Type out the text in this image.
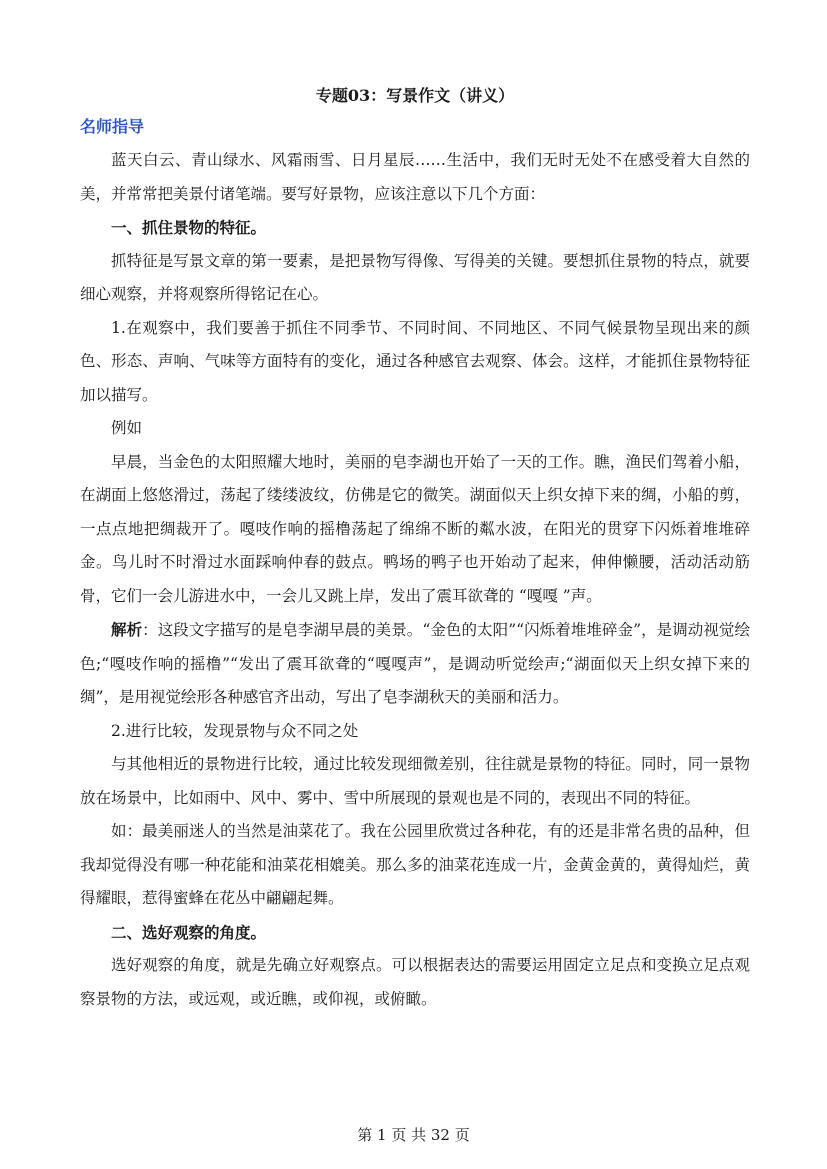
专题03：写景作文（讲义）
名师指导

蓝天白云、青山绿水、风霜雨雪、日月星辰……生活中，我们无时无处不在感受着大自然的美，并常常把美景付诸笔端。要写好景物，应该注意以下几个方面：

一、抓住景物的特征。

抓特征是写景文章的第一要素，是把景物写得像、写得美的关键。要想抓住景物的特点，就要细心观察，并将观察所得铭记在心。

1.在观察中，我们要善于抓住不同季节、不同时间、不同地区、不同气候景物呈现出来的颜色、形态、声响、气味等方面特有的变化，通过各种感官去观察、体会。这样，才能抓住景物特征加以描写。

例如

早晨，当金色的太阳照耀大地时，美丽的皂李湖也开始了一天的工作。瞧，渔民们驾着小船，在湖面上悠悠滑过，荡起了缕缕波纹，仿佛是它的微笑。湖面似天上织女掉下来的绸，小船的剪，一点点地把绸裁开了。嘎吱作响的摇橹荡起了绵绵不断的粼水波，在阳光的贯穿下闪烁着堆堆碎金。鸟儿时不时滑过水面踩响仲春的鼓点。鸭场的鸭子也开始动了起来，伸伸懒腰，活动活动筋骨，它们一会儿游进水中，一会儿又跳上岸，发出了震耳欲聋的 “嘎嘎 ”声。

解析：这段文字描写的是皂李湖早晨的美景。“金色的太阳”“闪烁着堆堆碎金”，是调动视觉绘色;“嘎吱作响的摇橹”“发出了震耳欲聋的“嘎嘎声”，是调动听觉绘声;“湖面似天上织女掉下来的绸”，是用视觉绘形各种感官齐出动，写出了皂李湖秋天的美丽和活力。

2.进行比较，发现景物与众不同之处

与其他相近的景物进行比较，通过比较发现细微差别，往往就是景物的特征。同时，同一景物放在场景中，比如雨中、风中、雾中、雪中所展现的景观也是不同的，表现出不同的特征。

如：最美丽迷人的当然是油菜花了。我在公园里欣赏过各种花，有的还是非常名贵的品种，但我却觉得没有哪一种花能和油菜花相媲美。那么多的油菜花连成一片，金黄金黄的，黄得灿烂，黄得耀眼，惹得蜜蜂在花丛中翩翩起舞。

二、选好观察的角度。

选好观察的角度，就是先确立好观察点。可以根据表达的需要运用固定立足点和变换立足点观察景物的方法，或远观，或近瞧，或仰视，或俯瞰。

第 1 页 共 32 页
